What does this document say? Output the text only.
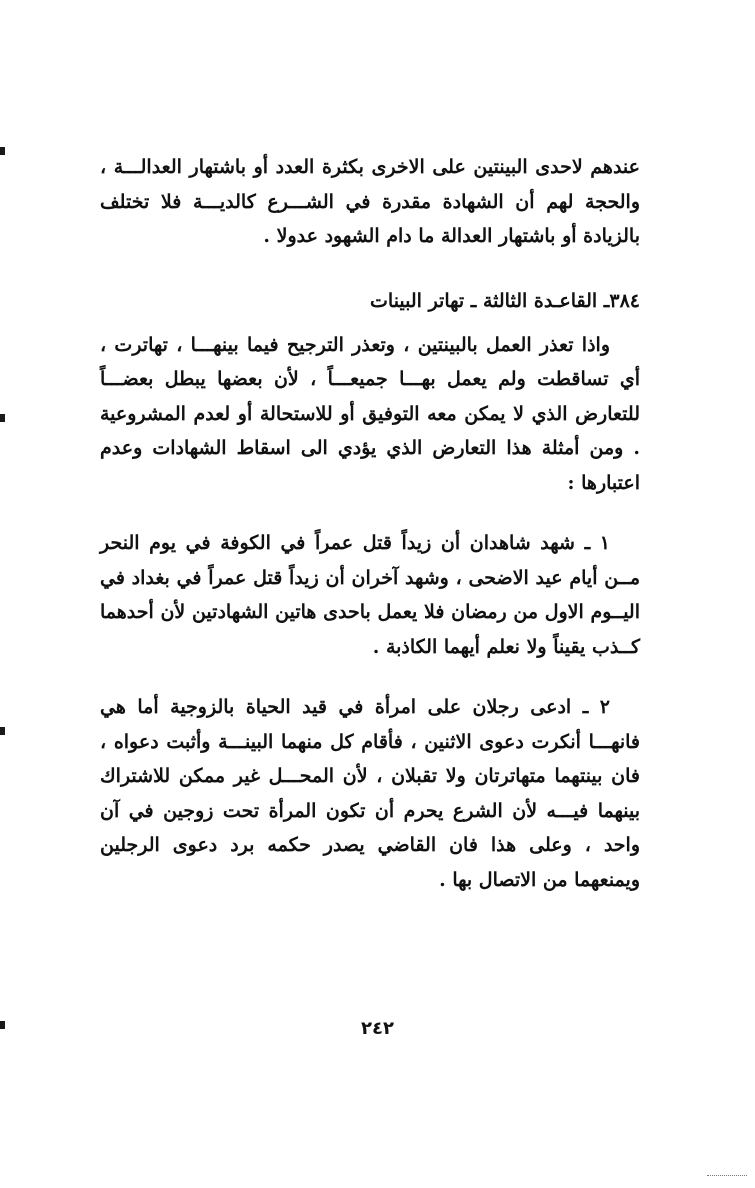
عندهم لاحدى البينتين على الاخرى بكثرة العدد أو باشتهار العدالـــة ، والحجة لهم أن الشهادة مقدرة في الشـــرع كالديـــة فلا تختلف بالزيادة أو باشتهار العدالة ما دام الشهود عدولا .

٣٨٤ـ القاعـدة الثالثة ـ تهاتر البينات

واذا تعذر العمل بالبينتين ، وتعذر الترجيح فيما بينهـــا ، تهاترت ، أي تساقطت ولم يعمل بهـــا جميعـــاً ، لأن بعضها يبطل بعضـــاً للتعارض الذي لا يمكن معه التوفيق أو للاستحالة أو لعدم المشروعية . ومن أمثلة هذا التعارض الذي يؤدي الى اسقاط الشهادات وعدم اعتبارها :

١ ـ شهد شاهدان أن زيداً قتل عمراً في الكوفة في يوم النحر مــن أيام عيد الاضحى ، وشهد آخران أن زيداً قتل عمراً في بغداد في اليــوم الاول من رمضان فلا يعمل باحدى هاتين الشهادتين لأن أحدهما كــذب يقيناً ولا نعلم أيهما الكاذبة .

٢ ـ ادعى رجلان على امرأة في قيد الحياة بالزوجية أما هي فانهـــا أنكرت دعوى الاثنين ، فأقام كل منهما البينـــة وأثبت دعواه ، فان بينتهما متهاترتان ولا تقبلان ، لأن المحـــل غير ممكن للاشتراك بينهما فيـــه لأن الشرع يحرم أن تكون المرأة تحت زوجين في آن واحد ، وعلى هذا فان القاضي يصدر حكمه برد دعوى الرجلين ويمنعهما من الاتصال بها .

٢٤٢
